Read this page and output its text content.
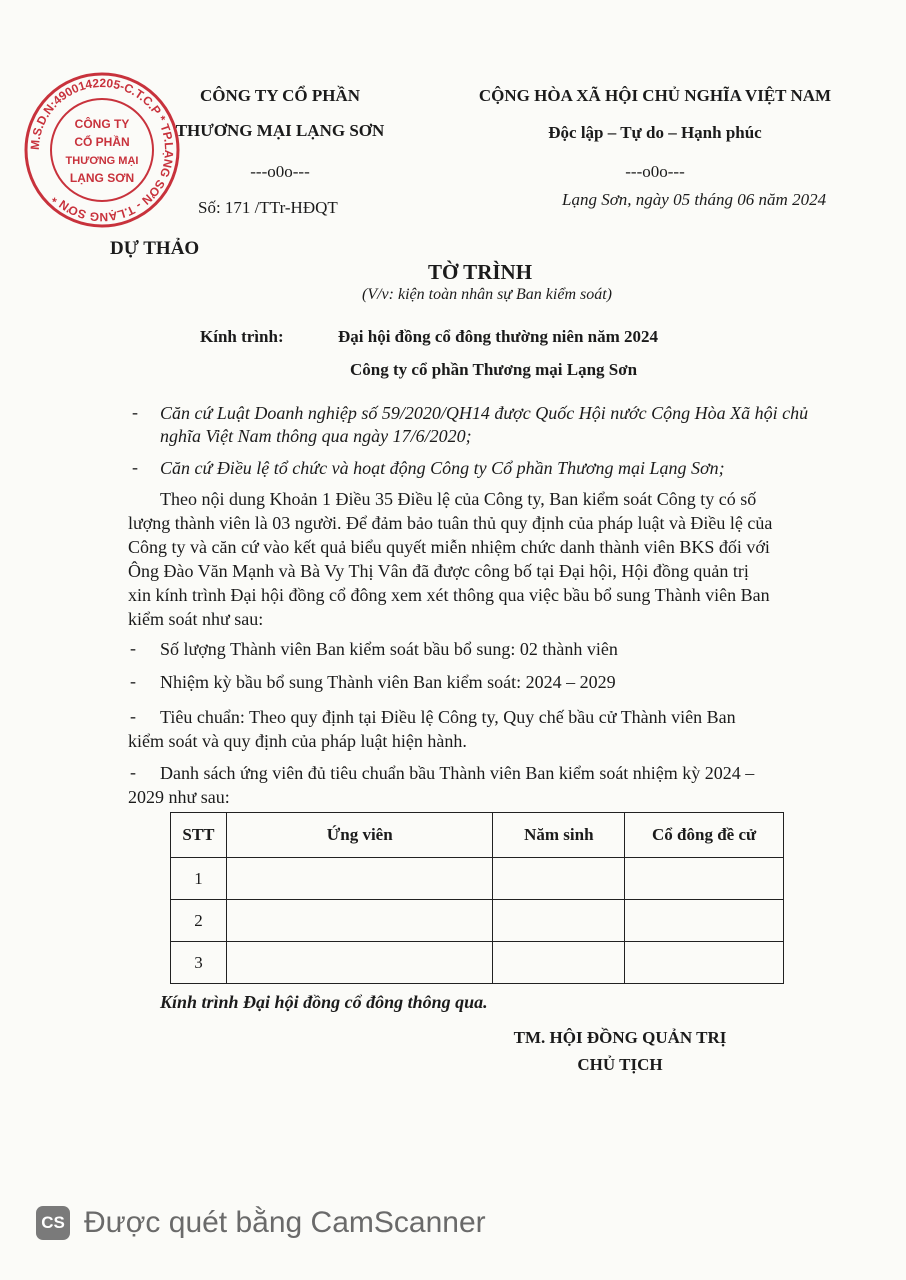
M.S.D.N:4900142205-C.T.C.P * TP.LẠNG SƠN - T.LẠNG SƠN *
CÔNG TY
CỔ PHẦN
THƯƠNG MẠI
LẠNG SƠN
CÔNG TY CỔ PHẦN
THƯƠNG MẠI LẠNG SƠN
---o0o---
Số: 171 /TTr-HĐQT
CỘNG HÒA XÃ HỘI CHỦ NGHĨA VIỆT NAM
Độc lập – Tự do – Hạnh phúc
---o0o---
Lạng Sơn, ngày 05 tháng 06 năm 2024
DỰ THẢO
TỜ TRÌNH
(V/v: kiện toàn nhân sự Ban kiểm soát)
Kính trình:	Đại hội đồng cổ đông thường niên năm 2024
Công ty cổ phần Thương mại Lạng Sơn
- Căn cứ Luật Doanh nghiệp số 59/2020/QH14 được Quốc Hội nước Cộng Hòa Xã hội chủ
nghĩa Việt Nam thông qua ngày 17/6/2020;
- Căn cứ Điều lệ tổ chức và hoạt động Công ty Cổ phần Thương mại Lạng Sơn;
Theo nội dung Khoản 1 Điều 35 Điều lệ của Công ty, Ban kiểm soát Công ty có số
lượng thành viên là 03 người. Để đảm bảo tuân thủ quy định của pháp luật và Điều lệ của
Công ty và căn cứ vào kết quả biểu quyết miễn nhiệm chức danh thành viên BKS đối với
Ông Đào Văn Mạnh và Bà Vy Thị Vân đã được công bố tại Đại hội, Hội đồng quản trị
xin kính trình Đại hội đồng cổ đông xem xét thông qua việc bầu bổ sung Thành viên Ban
kiểm soát như sau:
- Số lượng Thành viên Ban kiểm soát bầu bổ sung: 02 thành viên
- Nhiệm kỳ bầu bổ sung Thành viên Ban kiểm soát: 2024 – 2029
- Tiêu chuẩn: Theo quy định tại Điều lệ Công ty, Quy chế bầu cử Thành viên Ban
kiểm soát và quy định của pháp luật hiện hành.
- Danh sách ứng viên đủ tiêu chuẩn bầu Thành viên Ban kiểm soát nhiệm kỳ 2024 –
2029 như sau:
STT	Ứng viên	Năm sinh	Cổ đông đề cử
1			
2			
3			
Kính trình Đại hội đồng cổ đông thông qua.
TM. HỘI ĐỒNG QUẢN TRỊ
CHỦ TỊCH
CS Được quét bằng CamScanner
